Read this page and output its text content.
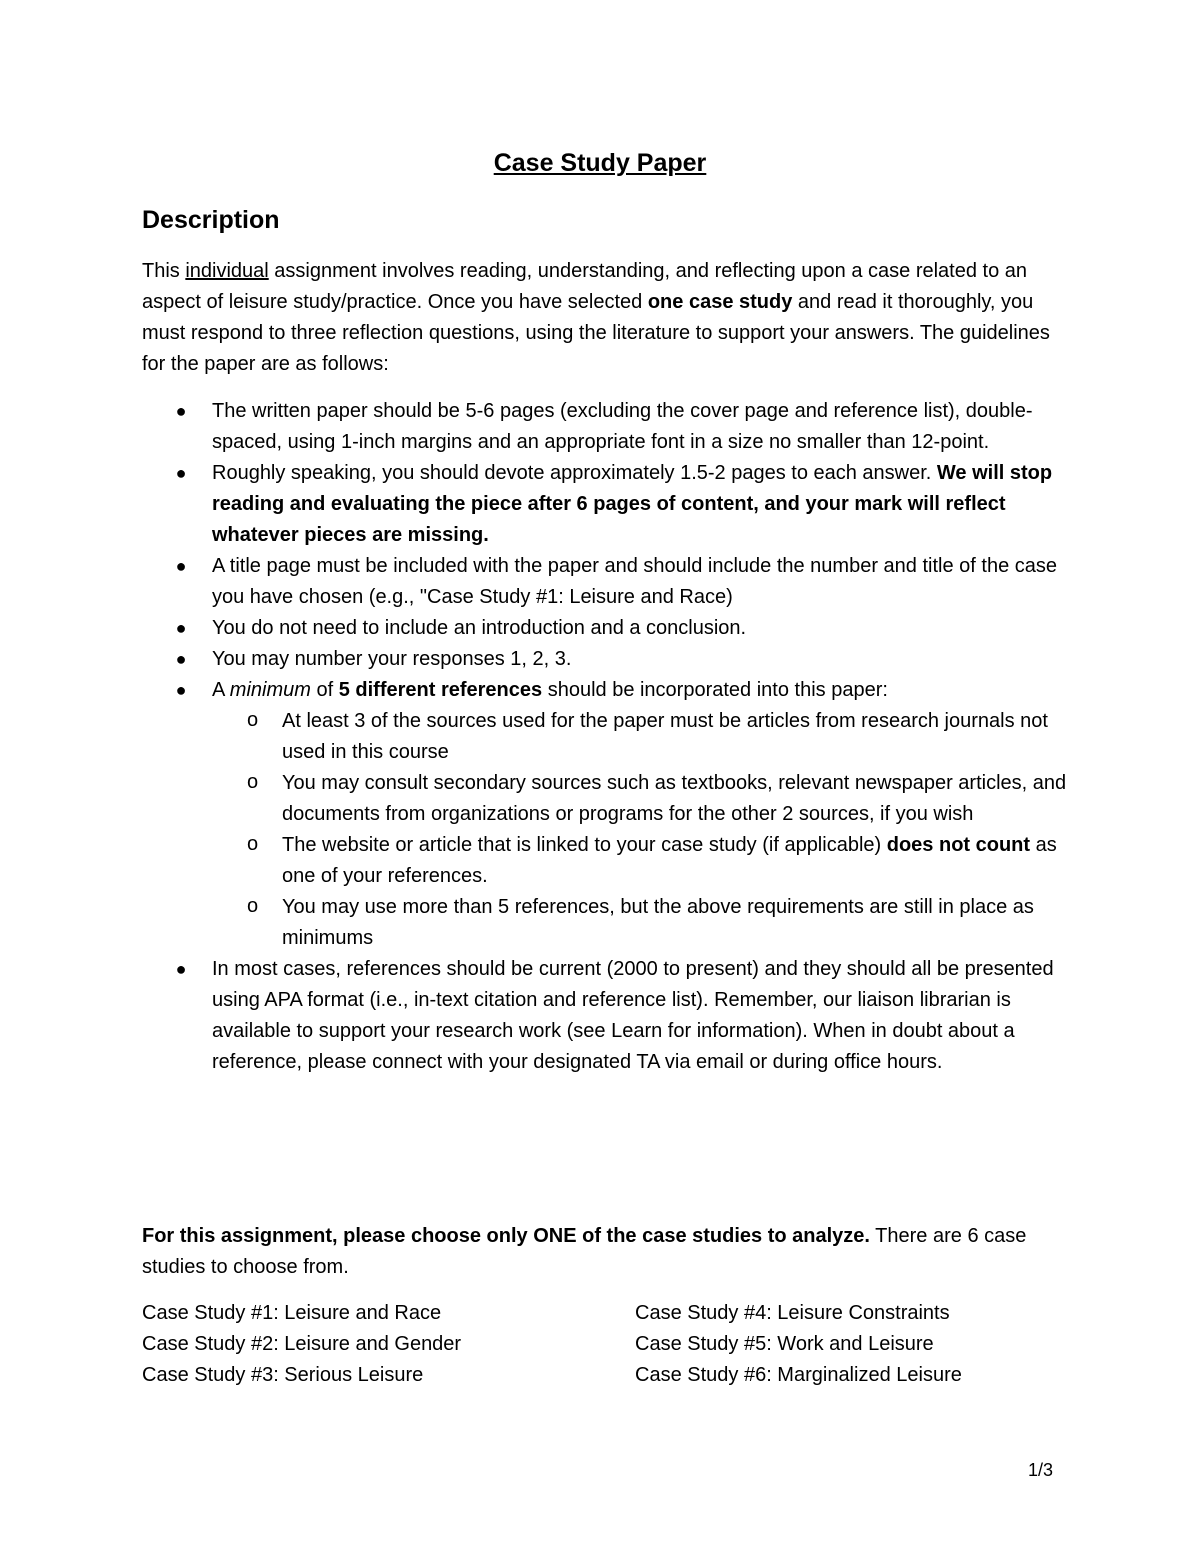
Case Study Paper
Description
This individual assignment involves reading, understanding, and reflecting upon a case related to an aspect of leisure study/practice. Once you have selected one case study and read it thoroughly, you must respond to three reflection questions, using the literature to support your answers. The guidelines for the paper are as follows:
● The written paper should be 5-6 pages (excluding the cover page and reference list), double-spaced, using 1-inch margins and an appropriate font in a size no smaller than 12-point.
● Roughly speaking, you should devote approximately 1.5-2 pages to each answer. We will stop reading and evaluating the piece after 6 pages of content, and your mark will reflect whatever pieces are missing.
● A title page must be included with the paper and should include the number and title of the case you have chosen (e.g., "Case Study #1: Leisure and Race)
● You do not need to include an introduction and a conclusion.
● You may number your responses 1, 2, 3.
● A minimum of 5 different references should be incorporated into this paper:
o At least 3 of the sources used for the paper must be articles from research journals not used in this course
o You may consult secondary sources such as textbooks, relevant newspaper articles, and documents from organizations or programs for the other 2 sources, if you wish
o The website or article that is linked to your case study (if applicable) does not count as one of your references.
o You may use more than 5 references, but the above requirements are still in place as minimums
● In most cases, references should be current (2000 to present) and they should all be presented using APA format (i.e., in-text citation and reference list). Remember, our liaison librarian is available to support your research work (see Learn for information). When in doubt about a reference, please connect with your designated TA via email or during office hours.
For this assignment, please choose only ONE of the case studies to analyze. There are 6 case studies to choose from.
Case Study #1: Leisure and Race
Case Study #2: Leisure and Gender
Case Study #3: Serious Leisure
Case Study #4: Leisure Constraints
Case Study #5: Work and Leisure
Case Study #6: Marginalized Leisure
1/3
